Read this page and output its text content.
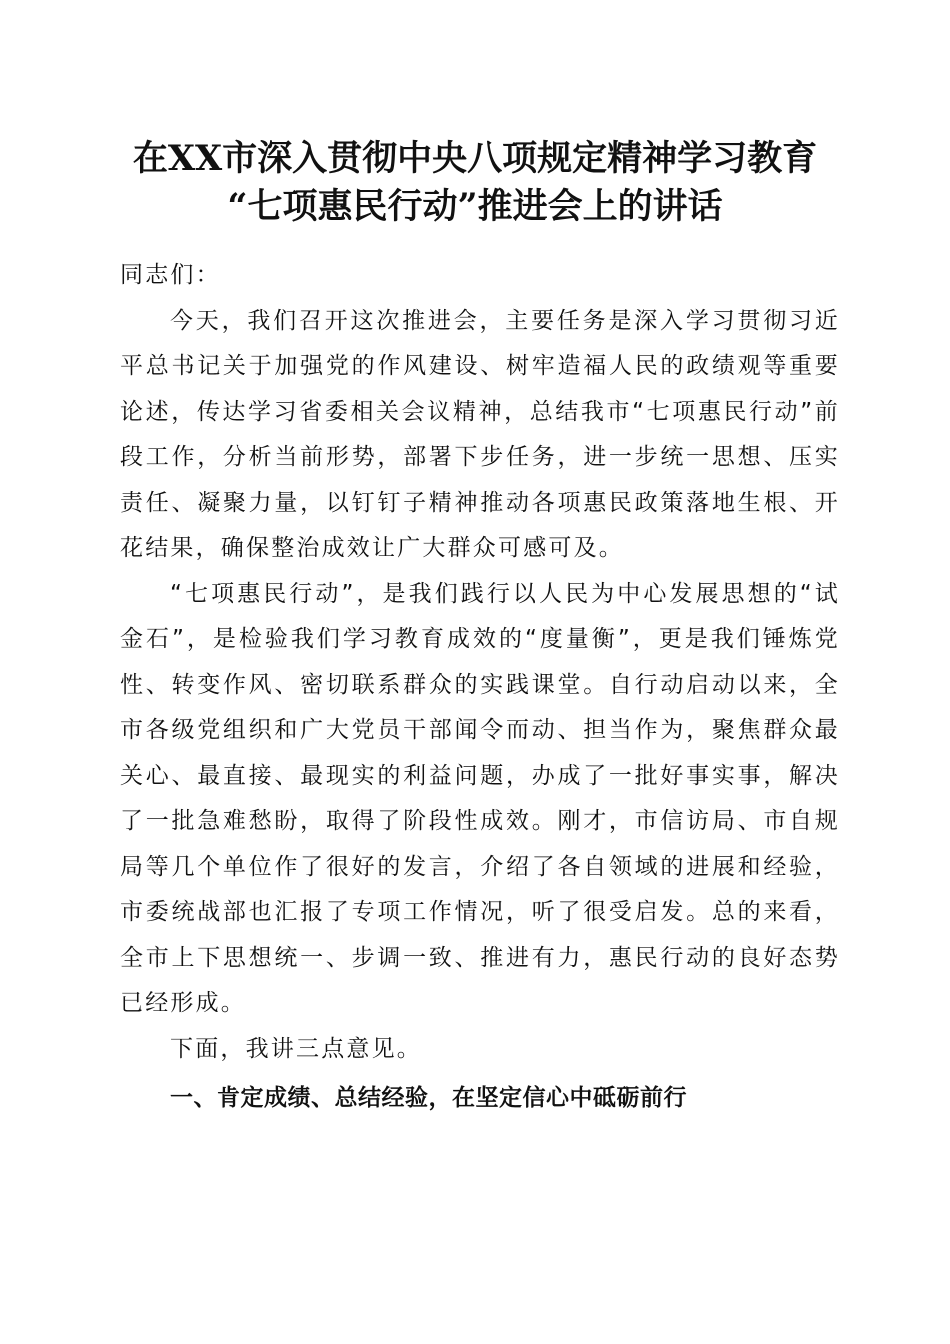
在XX市深入贯彻中央八项规定精神学习教育
“七项惠民行动”推进会上的讲话

同志们：

今天，我们召开这次推进会，主要任务是深入学习贯彻习近平总书记关于加强党的作风建设、树牢造福人民的政绩观等重要论述，传达学习省委相关会议精神，总结我市“七项惠民行动”前段工作，分析当前形势，部署下步任务，进一步统一思想、压实责任、凝聚力量，以钉钉子精神推动各项惠民政策落地生根、开花结果，确保整治成效让广大群众可感可及。

“七项惠民行动”，是我们践行以人民为中心发展思想的“试金石”，是检验我们学习教育成效的“度量衡”，更是我们锤炼党性、转变作风、密切联系群众的实践课堂。自行动启动以来，全市各级党组织和广大党员干部闻令而动、担当作为，聚焦群众最关心、最直接、最现实的利益问题，办成了一批好事实事，解决了一批急难愁盼，取得了阶段性成效。刚才，市信访局、市自规局等几个单位作了很好的发言，介绍了各自领域的进展和经验，市委统战部也汇报了专项工作情况，听了很受启发。总的来看，全市上下思想统一、步调一致、推进有力，惠民行动的良好态势已经形成。

下面，我讲三点意见。

一、肯定成绩、总结经验，在坚定信心中砥砺前行
